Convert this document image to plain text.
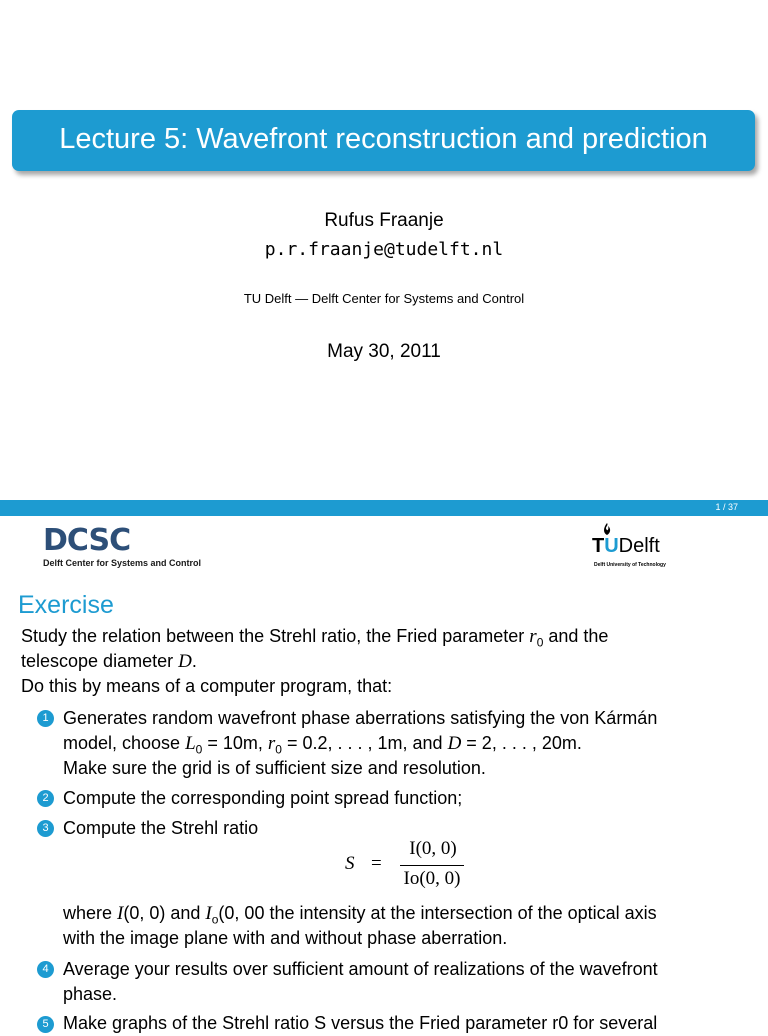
Lecture 5: Wavefront reconstruction and prediction
Rufus Fraanje
p.r.fraanje@tudelft.nl
TU Delft — Delft Center for Systems and Control
May 30, 2011
1 / 37
DCSC
Delft Center for Systems and Control
TUDelft
Delft University of Technology
Exercise
Study the relation between the Strehl ratio, the Fried parameter $r_0$ and the
telescope diameter D.
Do this by means of a computer program, that:
1 Generates random wavefront phase aberrations satisfying the von Kármán
model, choose $L_0 = 10m$, $r_0 = 0.2$, . . . , 1m, and D = 2, . . . , 20m.
Make sure the grid is of sufficient size and resolution.
2 Compute the corresponding point spread function;
3 Compute the Strehl ratio
S =
I(0, 0)
Io(0, 0)
where I(0, 0) and $I_o(0$, 00 the intensity at the intersection of the optical axis
with the image plane with and without phase aberration.
4 Average your results over sufficient amount of realizations of the wavefront
phase.
5 Make graphs of the Strehl ratio S versus the Fried parameter r0 for several
